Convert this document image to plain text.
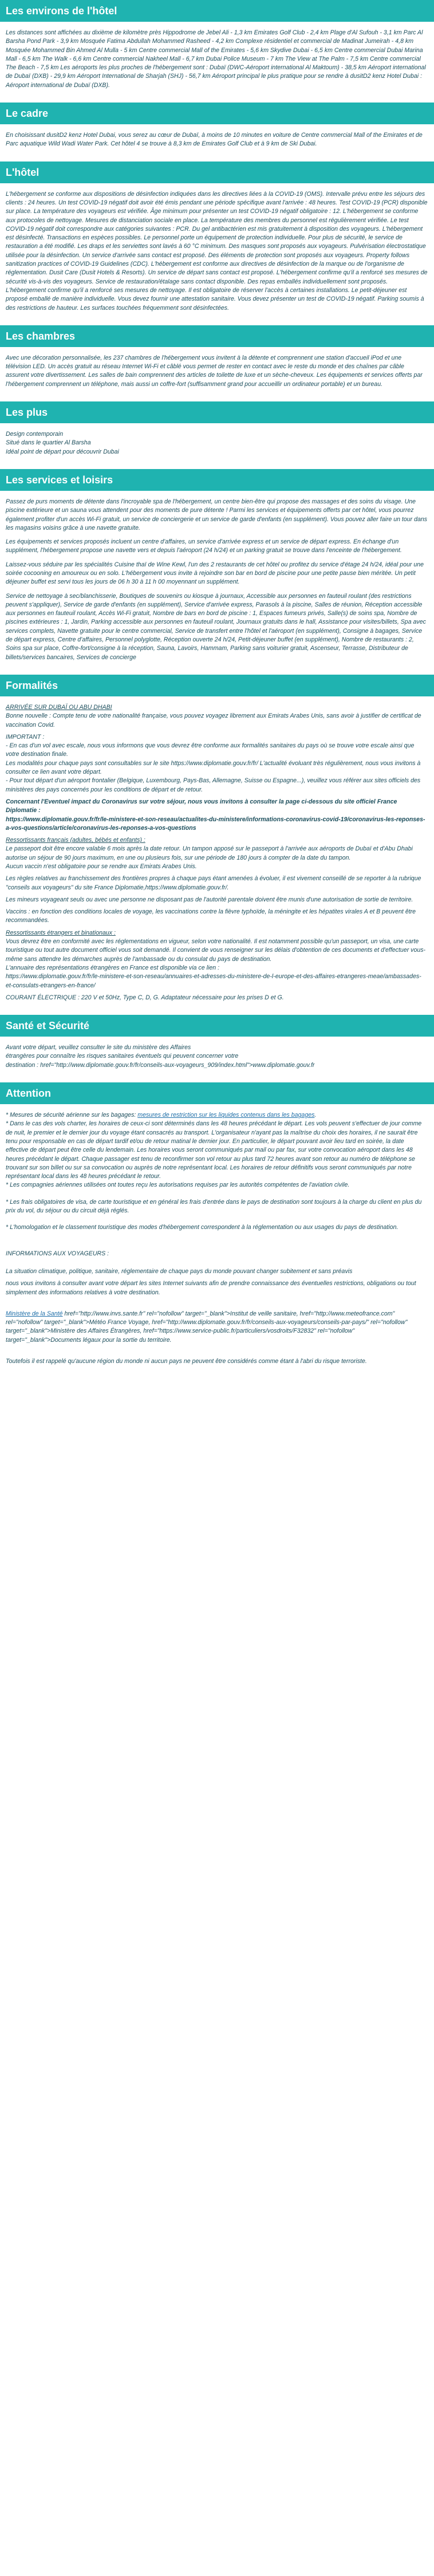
Les environs de l'hôtel

Les distances sont affichées au dixième de kilomètre près Hippodrome de Jebel Ali - 1,3 km Emirates Golf Club - 2,4 km Plage d'Al Sufouh - 3,1 km Parc Al Barsha Pond Park - 3,9 km Mosquée Fatima Abdullah Mohammed Rasheed - 4,2 km Complexe résidentiel et commercial de Madinat Jumeirah - 4,8 km Mosquée Mohammed Bin Ahmed Al Mulla - 5 km Centre commercial Mall of the Emirates - 5,6 km Skydive Dubai - 6,5 km Centre commercial Dubai Marina Mall - 6,5 km The Walk - 6,6 km Centre commercial Nakheel Mall - 6,7 km Dubai Police Museum - 7 km The View at The Palm - 7,5 km Centre commercial The Beach - 7,5 km Les aéroports les plus proches de l'hébergement sont : Dubaï (DWC-Aéroport international Al Maktoum) - 38,5 km Aéroport international de Dubaï (DXB) - 29,9 km Aéroport International de Sharjah (SHJ) - 56,7 km Aéroport principal le plus pratique pour se rendre à dusitD2 kenz Hotel Dubai : Aéroport international de Dubaï (DXB).

Le cadre

En choisissant dusitD2 kenz Hotel Dubai, vous serez au cœur de Dubaï, à moins de 10 minutes en voiture de Centre commercial Mall of the Emirates et de Parc aquatique Wild Wadi Water Park. Cet hôtel 4 se trouve à 8,3 km de Emirates Golf Club et à 9 km de Ski Dubai.

L'hôtel

L'hébergement se conforme aux dispositions de désinfection indiquées dans les directives liées à la COVID-19 (OMS). Intervalle prévu entre les séjours des clients : 24 heures. Un test COVID-19 négatif doit avoir été émis pendant une période spécifique avant l'arrivée : 48 heures. Test COVID-19 (PCR) disponible sur place. La température des voyageurs est vérifiée. Âge minimum pour présenter un test COVID-19 négatif obligatoire : 12. L'hébergement se conforme aux protocoles de nettoyage. Mesures de distanciation sociale en place. La température des membres du personnel est régulièrement vérifiée. Le test COVID-19 négatif doit correspondre aux catégories suivantes : PCR. Du gel antibactérien est mis gratuitement à disposition des voyageurs. L'hébergement est désinfecté. Transactions en espèces possibles. Le personnel porte un équipement de protection individuelle. Pour plus de sécurité, le service de restauration a été modifié. Les draps et les serviettes sont lavés à 60 °C minimum. Des masques sont proposés aux voyageurs. Pulvérisation électrostatique utilisée pour la désinfection. Un service d'arrivée sans contact est proposé. Des éléments de protection sont proposés aux voyageurs. Property follows sanitization practices of COVID-19 Guidelines (CDC). L'hébergement est conforme aux directives de désinfection de la marque ou de l'organisme de réglementation. Dusit Care (Dusit Hotels & Resorts). Un service de départ sans contact est proposé. L'hébergement confirme qu'il a renforcé ses mesures de sécurité vis-à-vis des voyageurs. Service de restauration/étalage sans contact disponible. Des repas emballés individuellement sont proposés. L'hébergement confirme qu'il a renforcé ses mesures de nettoyage. Il est obligatoire de réserver l'accès à certaines installations. Le petit-déjeuner est proposé emballé de manière individuelle. Vous devez fournir une attestation sanitaire. Vous devez présenter un test de COVID-19 négatif. Parking soumis à des restrictions de hauteur. Les surfaces touchées fréquemment sont désinfectées.

Les chambres

Avec une décoration personnalisée, les 237 chambres de l'hébergement vous invitent à la détente et comprennent une station d'accueil iPod et une télévision LED. Un accès gratuit au réseau Internet Wi-Fi et câblé vous permet de rester en contact avec le reste du monde et des chaînes par câble assurent votre divertissement. Les salles de bain comprennent des articles de toilette de luxe et un sèche-cheveux. Les équipements et services offerts par l'hébergement comprennent un téléphone, mais aussi un coffre-fort (suffisamment grand pour accueillir un ordinateur portable) et un bureau.

Les plus
Design contemporain
Situé dans le quartier Al Barsha
Idéal point de départ pour découvrir Dubai
Les services et loisirs

Passez de purs moments de détente dans l'incroyable spa de l'hébergement, un centre bien-être qui propose des massages et des soins du visage. Une piscine extérieure et un sauna vous attendent pour des moments de pure détente ! Parmi les services et équipements offerts par cet hôtel, vous pourrez également profiter d'un accès Wi-Fi gratuit, un service de conciergerie et un service de garde d'enfants (en supplément). Vous pouvez aller faire un tour dans les magasins voisins grâce à une navette gratuite.

Les équipements et services proposés incluent un centre d'affaires, un service d'arrivée express et un service de départ express. En échange d'un supplément, l'hébergement propose une navette vers et depuis l'aéroport (24 h/24) et un parking gratuit se trouve dans l'enceinte de l'hébergement.

Laissez-vous séduire par les spécialités Cuisine thaï de Wine Kewl, l'un des 2 restaurants de cet hôtel ou profitez du service d'étage 24 h/24, idéal pour une soirée cocooning en amoureux ou en solo. L'hébergement vous invite à rejoindre son bar en bord de piscine pour une petite pause bien méritée. Un petit déjeuner buffet est servi tous les jours de 06 h 30 à 11 h 00 moyennant un supplément.

Service de nettoyage à sec/blanchisserie, Boutiques de souvenirs ou kiosque à journaux, Accessible aux personnes en fauteuil roulant (des restrictions peuvent s'appliquer), Service de garde d'enfants (en supplément), Service d'arrivée express, Parasols à la piscine, Salles de réunion, Réception accessible aux personnes en fauteuil roulant, Accès Wi-Fi gratuit, Nombre de bars en bord de piscine : 1, Espaces fumeurs privés, Salle(s) de soins spa, Nombre de piscines extérieures : 1, Jardin, Parking accessible aux personnes en fauteuil roulant, Journaux gratuits dans le hall, Assistance pour visites/billets, Spa avec services complets, Navette gratuite pour le centre commercial, Service de transfert entre l'hôtel et l'aéroport (en supplément), Consigne à bagages, Service de départ express, Centre d'affaires, Personnel polyglotte, Réception ouverte 24 h/24, Petit-déjeuner buffet (en supplément), Nombre de restaurants : 2, Soins spa sur place, Coffre-fort/consigne à la réception, Sauna, Lavoirs, Hammam, Parking sans voiturier gratuit, Ascenseur, Terrasse, Distributeur de billets/services bancaires, Services de concierge

Formalités
ARRIVÉE SUR DUBAÏ OU ABU DHABI
Bonne nouvelle : Compte tenu de votre nationalité française, vous pouvez voyagez librement aux Emirats Arabes Unis, sans avoir à justifier de certificat de vaccination Covid.
IMPORTANT :
- En cas d'un vol avec escale, nous vous informons que vous devrez être conforme aux formalités sanitaires du pays où se trouve votre escale ainsi que votre destination finale.
Les modalités pour chaque pays sont consultables sur le site https://www.diplomatie.gouv.fr/fr/ L'actualité évoluant très régulièrement, nous vous invitons à consulter ce lien avant votre départ.
- Pour tout départ d'un aéroport frontalier (Belgique, Luxembourg, Pays-Bas, Allemagne, Suisse ou Espagne...), veuillez vous référer aux sites officiels des ministères des pays concernés pour les conditions de départ et de retour.
Concernant l'Eventuel impact du Coronavirus sur votre séjour, nous vous invitons à consulter la page ci-dessous du site officiel France Diplomatie :
https://www.diplomatie.gouv.fr/fr/le-ministere-et-son-reseau/actualites-du-ministere/informations-coronavirus-covid-19/coronavirus-les-reponses-a-vos-questions/article/coronavirus-les-reponses-a-vos-questions
Ressortissants français (adultes, bébés et enfants) :
Le passeport doit être encore valable 6 mois après la date retour. Un tampon apposé sur le passeport à l'arrivée aux aéroports de Dubaï et d'Abu Dhabi autorise un séjour de 90 jours maximum, en une ou plusieurs fois, sur une période de 180 jours à compter de la date du tampon.
Aucun vaccin n'est obligatoire pour se rendre aux Emirats Arabes Unis.
Les règles relatives au franchissement des frontières propres à chaque pays étant amenées à évoluer, il est vivement conseillé de se reporter à la rubrique "conseils aux voyageurs" du site France Diplomatie,https://www.diplomatie.gouv.fr/.
Les mineurs voyageant seuls ou avec une personne ne disposant pas de l'autorité parentale doivent être munis d'une autorisation de sortie de territoire.
Vaccins : en fonction des conditions locales de voyage, les vaccinations contre la fièvre typhoïde, la méningite et les hépatites virales A et B peuvent être recommandées.
Ressortissants étrangers et binationaux :
Vous devrez être en conformité avec les réglementations en vigueur, selon votre nationalité. Il est notamment possible qu'un passeport, un visa, une carte touristique ou tout autre document officiel vous soit demandé. Il convient de vous renseigner sur les délais d'obtention de ces documents et d'effectuer vous-même sans attendre les démarches auprès de l'ambassade ou du consulat du pays de destination.
L'annuaire des représentations étrangères en France est disponible via ce lien :
https://www.diplomatie.gouv.fr/fr/le-ministere-et-son-reseau/annuaires-et-adresses-du-ministere-de-l-europe-et-des-affaires-etrangeres-meae/ambassades-et-consulats-etrangers-en-france/
COURANT ÉLECTRIQUE : 220 V et 50Hz, Type C, D, G. Adaptateur nécessaire pour les prises D et G.
Santé et Sécurité
Avant votre départ, veuillez consulter le site du ministère des Affaires
étrangères pour connaître les risques sanitaires éventuels qui peuvent concerner votre
destination : href="http://www.diplomatie.gouv.fr/fr/conseils-aux-voyageurs_909/index.html">www.diplomatie.gouv.fr
Attention
* Mesures de sécurité aérienne sur les bagages: mesures de restriction sur les liquides contenus dans les bagages.
* Dans le cas des vols charter, les horaires de ceux-ci sont déterminés dans les 48 heures précédant le départ. Les vols peuvent s'effectuer de jour comme de nuit, le premier et le dernier jour du voyage étant consacrés au transport. L'organisateur n'ayant pas la maîtrise du choix des horaires, il ne saurait être tenu pour responsable en cas de départ tardif et/ou de retour matinal le dernier jour. En particulier, le départ pouvant avoir lieu tard en soirée, la date effective de départ peut être celle du lendemain. Les horaires vous seront communiqués par mail ou par fax, sur votre convocation aéroport dans les 48 heures précédant le départ. Chaque passager est tenu de reconfirmer son vol retour au plus tard 72 heures avant son retour au numéro de téléphone se trouvant sur son billet ou sur sa convocation ou auprès de notre représentant local. Les horaires de retour définitifs vous seront communiqués par notre représentant local dans les 48 heures précédant le retour.
* Les compagnies aériennes utilisées ont toutes reçu les autorisations requises par les autorités compétentes de l'aviation civile.
* Les frais obligatoires de visa, de carte touristique et en général les frais d'entrée dans le pays de destination sont toujours à la charge du client en plus du prix du vol, du séjour ou du circuit déjà réglés.
* L'homologation et le classement touristique des modes d'hébergement correspondent à la réglementation ou aux usages du pays de destination.
INFORMATIONS AUX VOYAGEURS :
La situation climatique, politique, sanitaire, réglementaire de chaque pays du monde pouvant changer subitement et sans préavis
nous vous invitons à consulter avant votre départ les sites Internet suivants afin de prendre connaissance des éventuelles restrictions, obligations ou tout simplement des informations relatives à votre destination.
Ministère de la Santé href="http://www.invs.sante.fr" rel="nofollow" target="_blank">Institut de veille sanitaire, href="http://www.meteofrance.com" rel="nofollow" target="_blank">Météo France Voyage, href="http://www.diplomatie.gouv.fr/fr/conseils-aux-voyageurs/conseils-par-pays/" rel="nofollow" target="_blank">Ministère des Affaires Étrangères, href="https://www.service-public.fr/particuliers/vosdroits/F32832" rel="nofollow" target="_blank">Documents légaux pour la sortie du territoire.
Toutefois il est rappelé qu'aucune région du monde ni aucun pays ne peuvent être considérés comme étant à l'abri du risque terroriste.
